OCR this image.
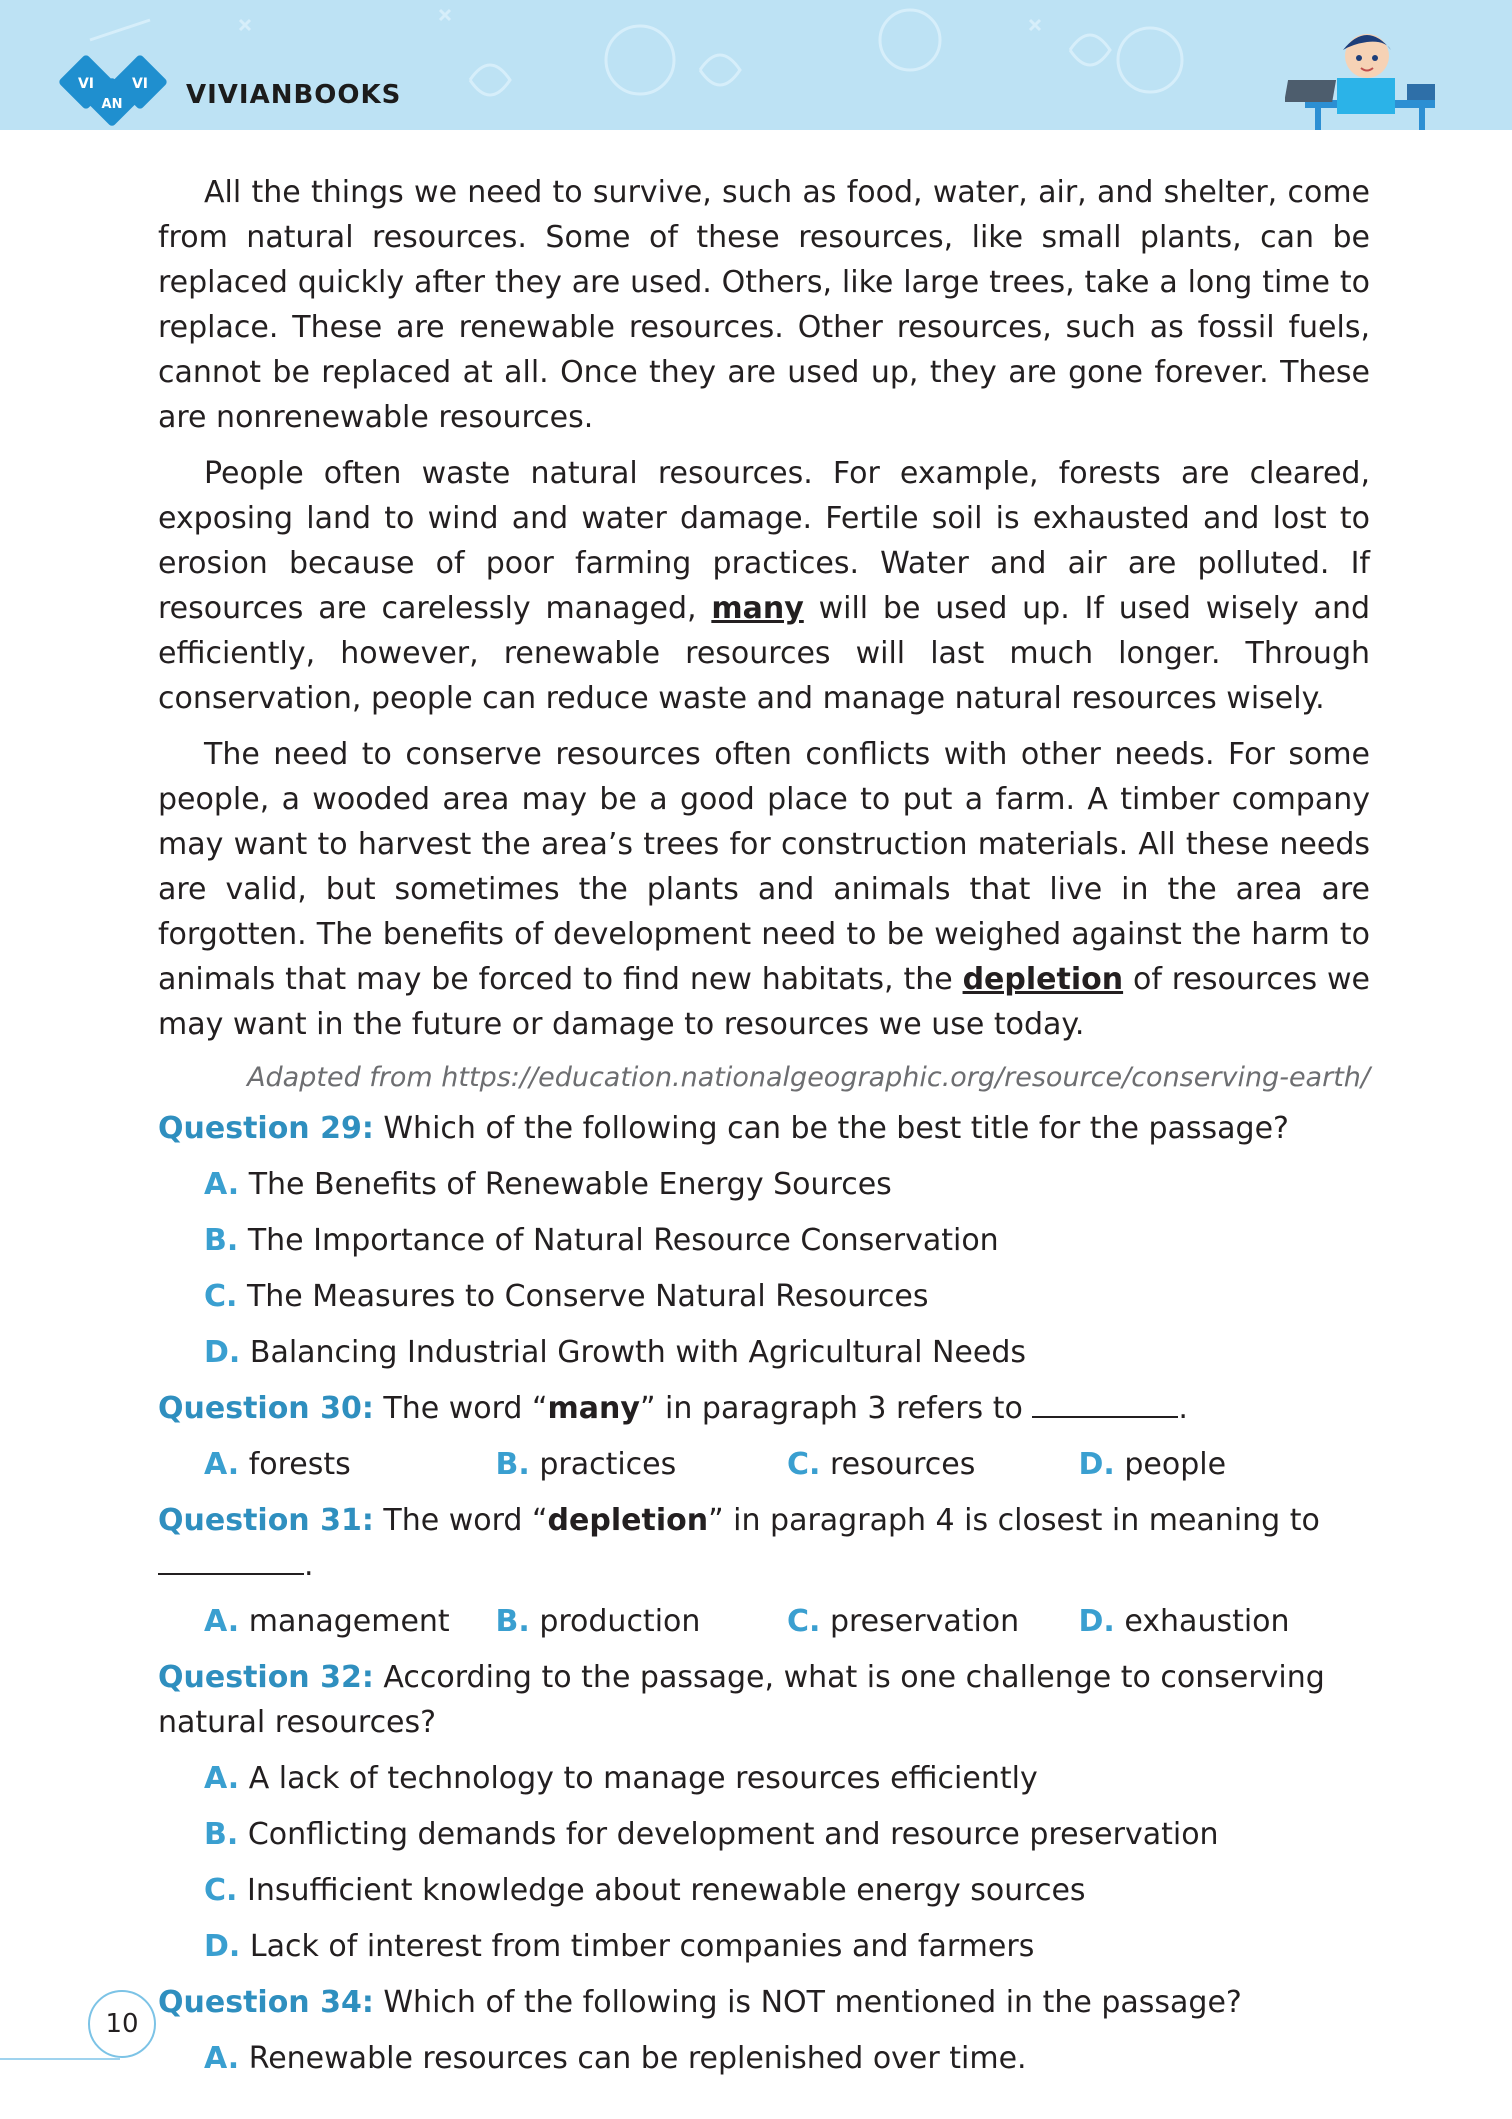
VI	VI
AN VIVIANBOOKS

All the things we need to survive, such as food, water, air, and shelter, come from natural resources. Some of these resources, like small plants, can be replaced quickly after they are used. Others, like large trees, take a long time to replace. These are renewable resources. Other resources, such as fossil fuels, cannot be replaced at all. Once they are used up, they are gone forever. These are nonrenewable resources.

People often waste natural resources. For example, forests are cleared, exposing land to wind and water damage. Fertile soil is exhausted and lost to erosion because of poor farming practices. Water and air are polluted. If resources are carelessly managed, many will be used up. If used wisely and efficiently, however, renewable resources will last much longer. Through conservation, people can reduce waste and manage natural resources wisely.

The need to conserve resources often conflicts with other needs. For some people, a wooded area may be a good place to put a farm. A timber company may want to harvest the area’s trees for construction materials. All these needs are valid, but sometimes the plants and animals that live in the area are forgotten. The benefits of development need to be weighed against the harm to animals that may be forced to find new habitats, the depletion of resources we may want in the future or damage to resources we use today.

Adapted from https://education.nationalgeographic.org/resource/conserving-earth/
Question 29: Which of the following can be the best title for the passage?
A. The Benefits of Renewable Energy Sources
B. The Importance of Natural Resource Conservation
C. The Measures to Conserve Natural Resources
D. Balancing Industrial Growth with Agricultural Needs
Question 30: The word “many” in paragraph 3 refers to	.
A. forests	B. practices	C. resources	D. people
Question 31: The word “depletion” in paragraph 4 is closest in meaning to.
A. management	B. production	C. preservation	D. exhaustion
Question 32: According to the passage, what is one challenge to conserving natural resources?
A. A lack of technology to manage resources efficiently
B. Conflicting demands for development and resource preservation
C. Insufficient knowledge about renewable energy sources
D. Lack of interest from timber companies and farmers
Question 34: Which of the following is NOT mentioned in the passage?
A. Renewable resources can be replenished over time.
10
